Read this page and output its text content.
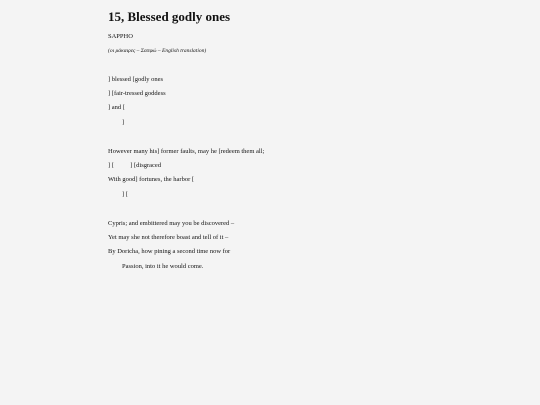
15, Blessed godly ones
SAPPHO
(οι μάκαιρες – Σαπφώ – English translation)
] blessed [godly ones
] [fair-tressed goddess
] and [
]
However many his] former faults, may he [redeem them all;
] [          ] [disgraced
With good] fortunes, the harbor [
] [
Cypris; and embittered may you be discovered –
Yet may she not therefore boast and tell of it –
By Doricha, how pining a second time now for
Passion, into it he would come.
